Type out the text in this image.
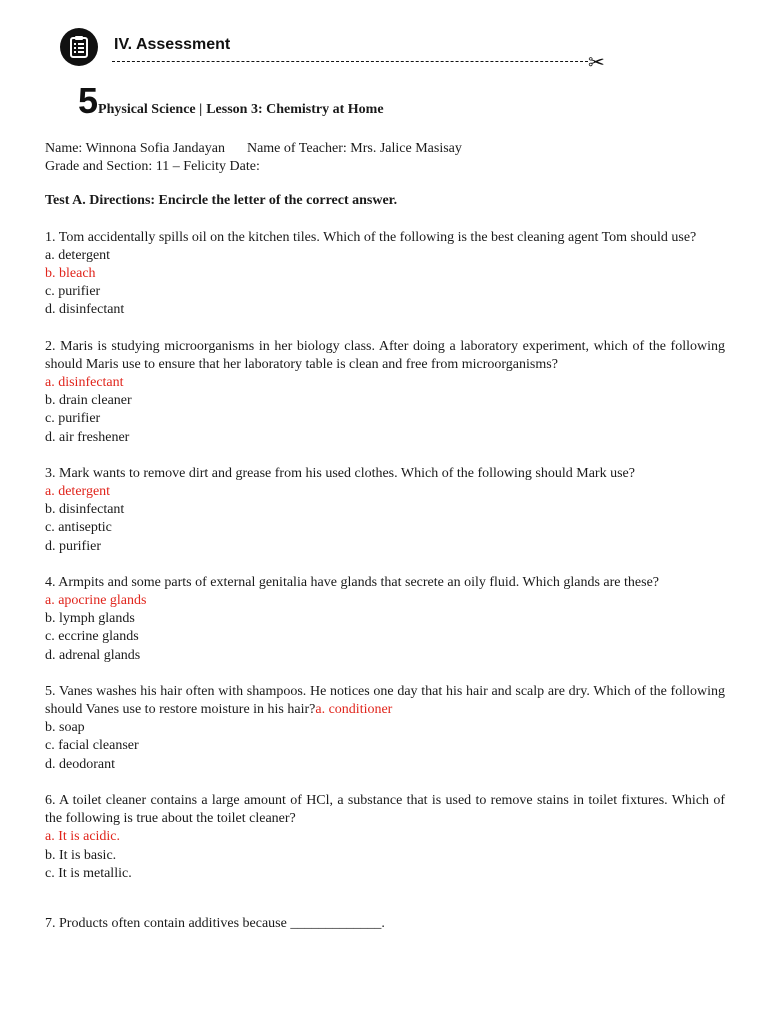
IV. Assessment
✂
5Physical Science | Lesson 3: Chemistry at Home
Name: Winnona Sofia Jandayan Name of Teacher: Mrs. Jalice Masisay
Grade and Section: 11 – Felicity Date:
Test A. Directions: Encircle the letter of the correct answer.
1. Tom accidentally spills oil on the kitchen tiles. Which of the following is the best cleaning agent Tom should use?
a. detergent
b. bleach
c. purifier
d. disinfectant
2. Maris is studying microorganisms in her biology class. After doing a laboratory experiment, which of the following should Maris use to ensure that her laboratory table is clean and free from microorganisms?
a. disinfectant
b. drain cleaner
c. purifier
d. air freshener
3. Mark wants to remove dirt and grease from his used clothes. Which of the following should Mark use?
a. detergent
b. disinfectant
c. antiseptic
d. purifier
4. Armpits and some parts of external genitalia have glands that secrete an oily fluid. Which glands are these?
a. apocrine glands
b. lymph glands
c. eccrine glands
d. adrenal glands
5. Vanes washes his hair often with shampoos. He notices one day that his hair and scalp are dry. Which of the following should Vanes use to restore moisture in his hair?a. conditioner
b. soap
c. facial cleanser
d. deodorant
6. A toilet cleaner contains a large amount of HCl, a substance that is used to remove stains in toilet fixtures. Which of the following is true about the toilet cleaner?
a. It is acidic.
b. It is basic.
c. It is metallic.
7. Products often contain additives because _____________.
